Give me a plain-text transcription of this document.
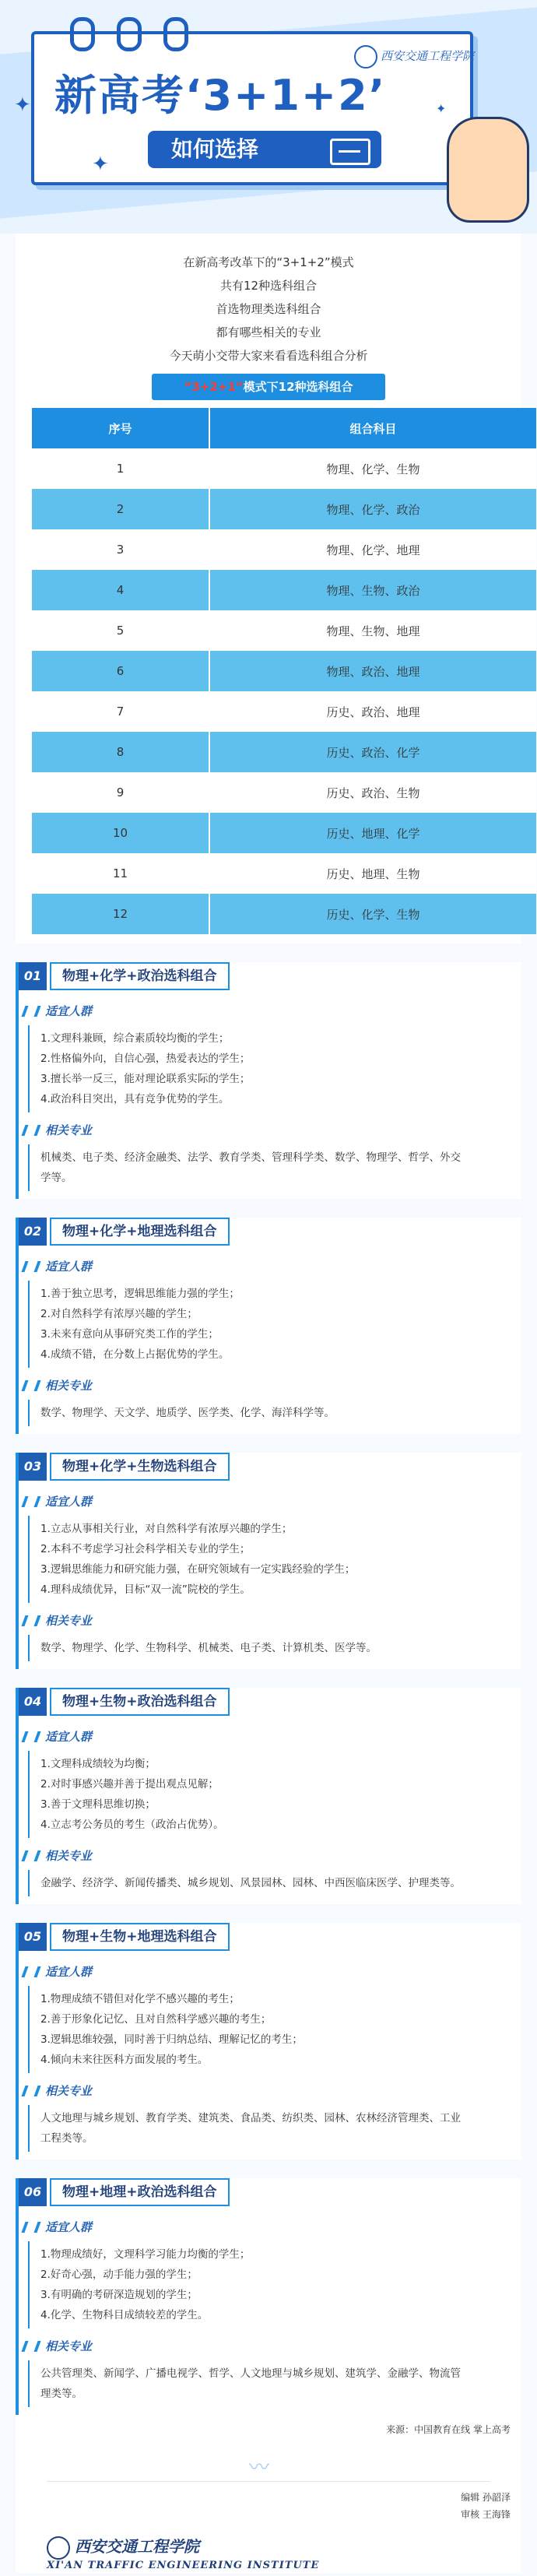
西安交通工程学院
新高考‘3+1+2’
如何选择
✦
✦
✦

在新高考改革下的“3+1+2”模式

共有12种选科组合

首选物理类选科组合

都有哪些相关的专业

今天萌小交带大家来看看选科组合分析

“3+2+1”模式下12种选科组合
序号	组合科目
1	物理、化学、生物
2	物理、化学、政治
3	物理、化学、地理
4	物理、生物、政治
5	物理、生物、地理
6	物理、政治、地理
7	历史、政治、地理
8	历史、政治、化学
9	历史、政治、生物
10	历史、地理、化学
11	历史、地理、生物
12	历史、化学、生物
01	物理+化学+政治选科组合
适宜人群

1.文理科兼顾，综合素质较均衡的学生；

2.性格偏外向，自信心强，热爱表达的学生；

3.擅长举一反三，能对理论联系实际的学生；

4.政治科目突出，具有竞争优势的学生。

相关专业

机械类、电子类、经济金融类、法学、教育学类、管理科学类、数学、物理学、哲学、外交

学等。

02	物理+化学+地理选科组合
适宜人群

1.善于独立思考，逻辑思维能力强的学生；

2.对自然科学有浓厚兴趣的学生；

3.未来有意向从事研究类工作的学生；

4.成绩不错，在分数上占据优势的学生。

相关专业

数学、物理学、天文学、地质学、医学类、化学、海洋科学等。

03	物理+化学+生物选科组合
适宜人群

1.立志从事相关行业，对自然科学有浓厚兴趣的学生；

2.本科不考虑学习社会科学相关专业的学生；

3.逻辑思维能力和研究能力强，在研究领域有一定实践经验的学生；

4.理科成绩优异，目标“双一流”院校的学生。

相关专业

数学、物理学、化学、生物科学、机械类、电子类、计算机类、医学等。

04	物理+生物+政治选科组合
适宜人群

1.文理科成绩较为均衡；

2.对时事感兴趣并善于提出观点见解；

3.善于文理科思维切换；

4.立志考公务员的考生（政治占优势）。

相关专业

金融学、经济学、新闻传播类、城乡规划、风景园林、园林、中西医临床医学、护理类等。

05	物理+生物+地理选科组合
适宜人群

1.物理成绩不错但对化学不感兴趣的考生；

2.善于形象化记忆、且对自然科学感兴趣的考生；

3.逻辑思维较强，同时善于归纳总结、理解记忆的考生；

4.倾向未来往医科方面发展的考生。

相关专业

人文地理与城乡规划、教育学类、建筑类、食品类、纺织类、园林、农林经济管理类、工业

工程类等。

06	物理+地理+政治选科组合
适宜人群

1.物理成绩好，文理科学习能力均衡的学生；

2.好奇心强，动手能力强的学生；

3.有明确的考研深造规划的学生；

4.化学、生物科目成绩较差的学生。

相关专业

公共管理类、新闻学、广播电视学、哲学、人文地理与城乡规划、建筑学、金融学、物流管

理类等。

来源：中国教育在线 掌上高考
〰
编辑 孙韶泽
审核 王海锋
西安交通工程学院
XI'AN TRAFFIC ENGINEERING INSTITUTE
